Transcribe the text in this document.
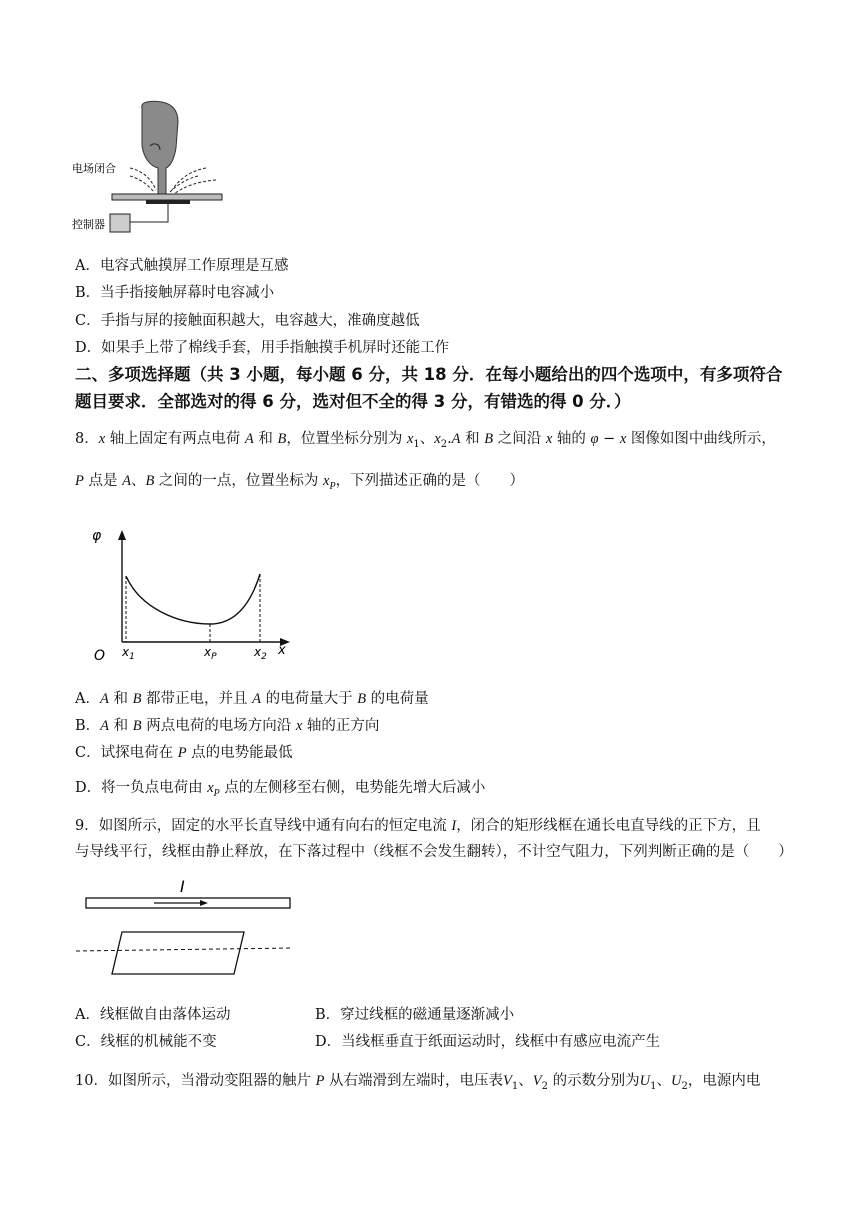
电场闭合
控制器
A．电容式触摸屏工作原理是互感
B．当手指接触屏幕时电容减小
C．手指与屏的接触面积越大，电容越大，准确度越低
D．如果手上带了棉线手套，用手指触摸手机屏时还能工作
二、多项选择题（共 3 小题，每小题 6 分，共 18 分．在每小题给出的四个选项中，有多项符合
题目要求．全部选对的得 6 分，选对但不全的得 3 分，有错选的得 0 分．）
8．x 轴上固定有两点电荷 A 和 B，位置坐标分别为 $x_1$、$x_2.A$ 和 B 之间沿 x 轴的 φ − x 图像如图中曲线所示，
P 点是 A、B 之间的一点，位置坐标为 $x_P$，下列描述正确的是（　　）
φ
O	x
$x_1$	$x_P$	$x_2$
A．A 和 B 都带正电，并且 A 的电荷量大于 B 的电荷量
B．A 和 B 两点电荷的电场方向沿 x 轴的正方向
C．试探电荷在 P 点的电势能最低
D．将一负点电荷由 $x_P$ 点的左侧移至右侧，电势能先增大后减小
9．如图所示，固定的水平长直导线中通有向右的恒定电流 I，闭合的矩形线框在通长电直导线的正下方，且
与导线平行，线框由静止释放，在下落过程中（线框不会发生翻转），不计空气阻力，下列判断正确的是（　　）
I
A．线框做自由落体运动	B．穿过线框的磁通量逐渐减小
C．线框的机械能不变	D．当线框垂直于纸面运动时，线框中有感应电流产生
10．如图所示，当滑动变阻器的触片 P 从右端滑到左端时，电压表$V_1$、$V_2$ 的示数分别为$U_1$、$U_2$，电源内电
